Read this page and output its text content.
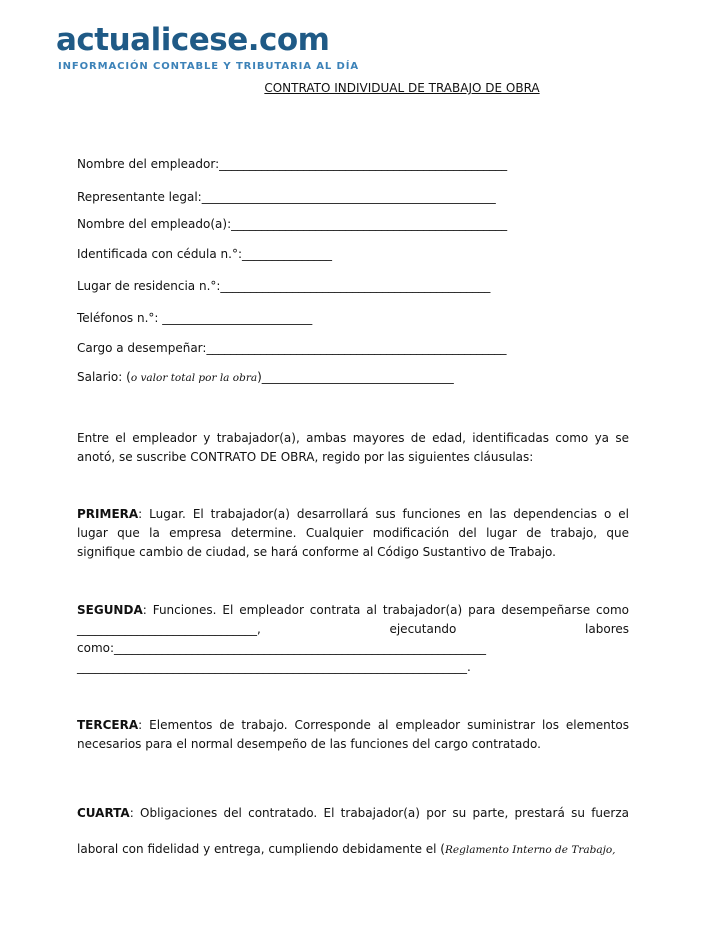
actualicese.com
INFORMACIÓN CONTABLE Y TRIBUTARIA AL DÍA
CONTRATO INDIVIDUAL DE TRABAJO DE OBRA
Nombre del empleador:________________________________________________
Representante legal:_________________________________________________
Nombre del empleado(a):______________________________________________
Identificada con cédula n.°:_______________
Lugar de residencia n.°:_____________________________________________
Teléfonos n.°: _________________________
Cargo a desempeñar:__________________________________________________
Salario: (o valor total por la obra)________________________________
Entre el empleador y trabajador(a), ambas mayores de edad, identificadas como ya se anotó, se suscribe CONTRATO DE OBRA, regido por las siguientes cláusulas:
PRIMERA: Lugar. El trabajador(a) desarrollará sus funciones en las dependencias o el lugar que la empresa determine. Cualquier modificación del lugar de trabajo, que signifique cambio de ciudad, se hará conforme al Código Sustantivo de Trabajo.
SEGUNDA: Funciones. El empleador contrata al trabajador(a) para desempeñarse como
______________________________,	ejecutando	labores
como:______________________________________________________________
_________________________________________________________________.
TERCERA: Elementos de trabajo. Corresponde al empleador suministrar los elementos necesarios para el normal desempeño de las funciones del cargo contratado.
CUARTA: Obligaciones del contratado. El trabajador(a) por su parte, prestará su fuerza laboral con fidelidad y entrega, cumpliendo debidamente el (Reglamento Interno de Trabajo,
